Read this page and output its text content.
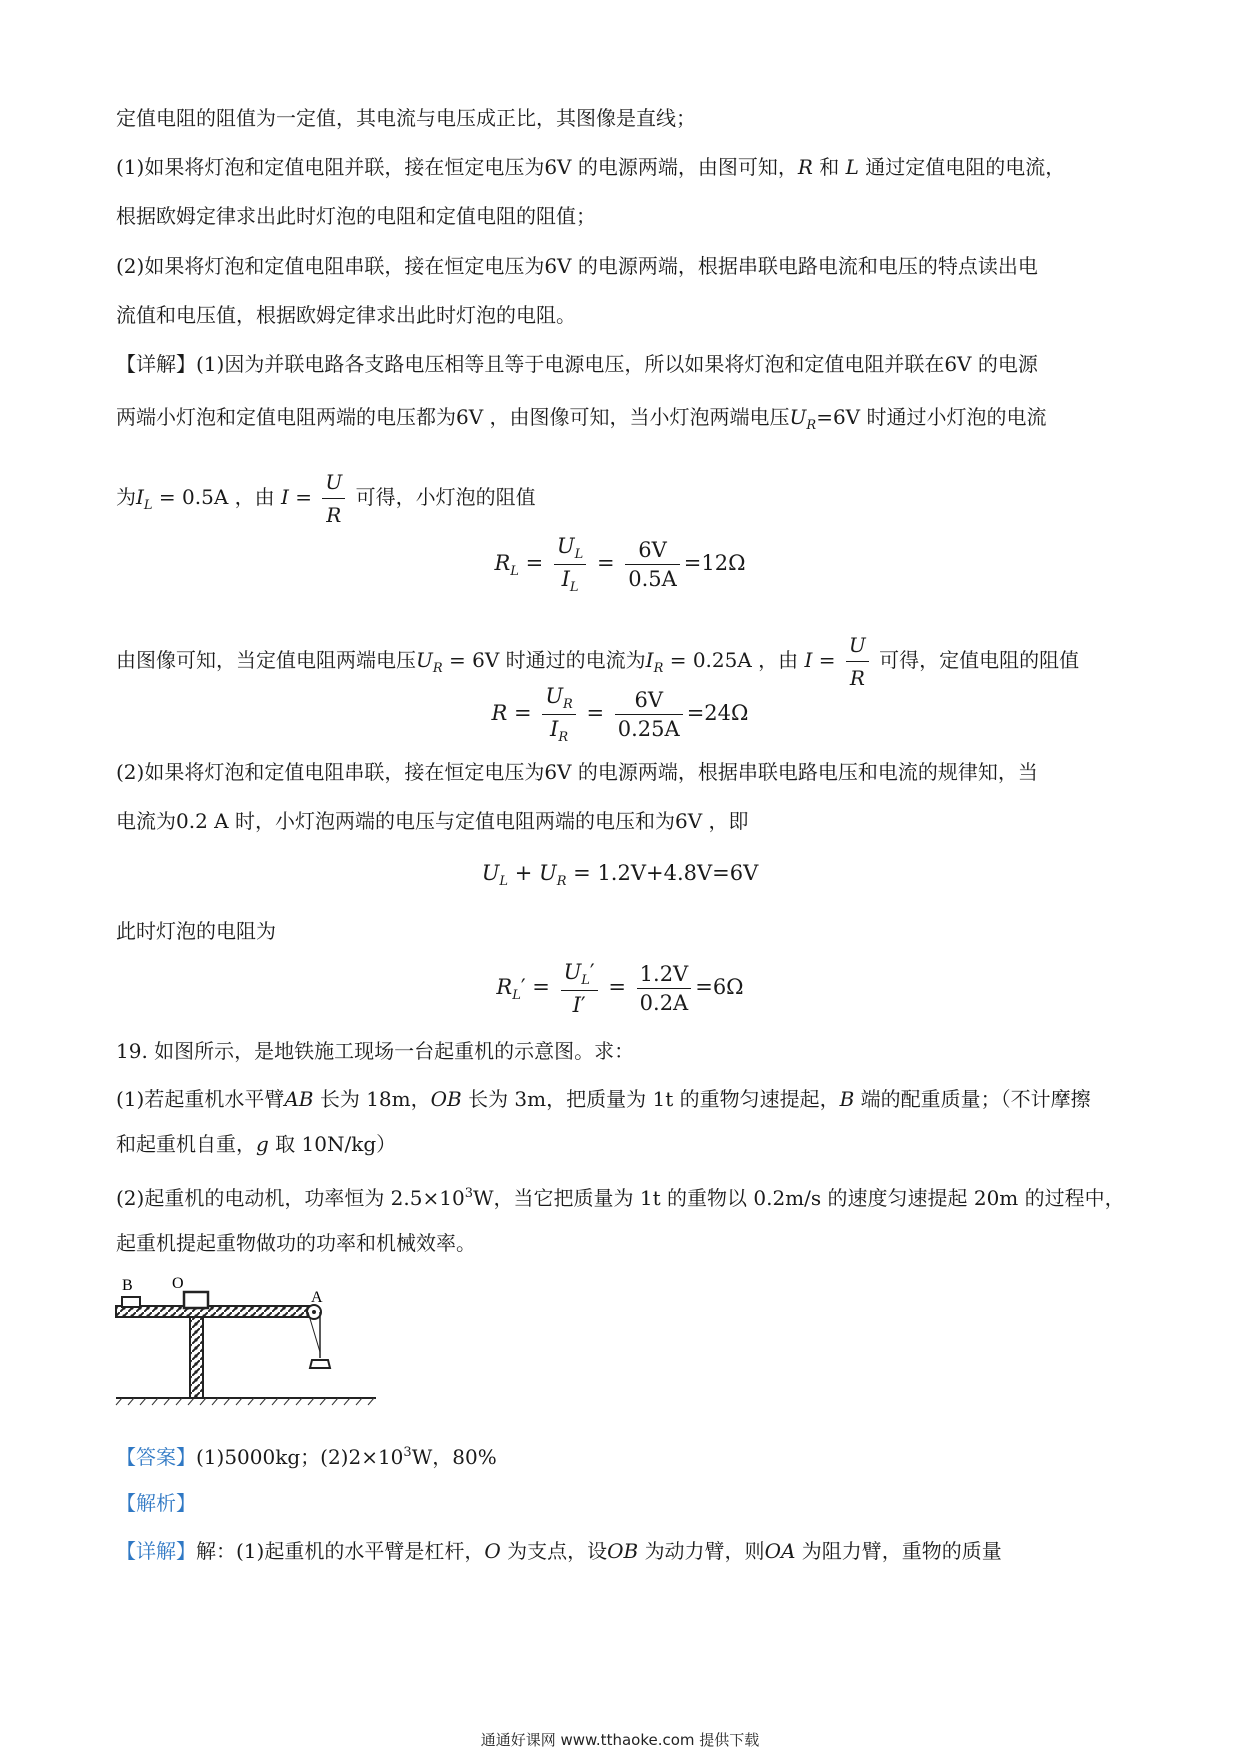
定值电阻的阻值为一定值，其电流与电压成正比，其图像是直线；
(1)如果将灯泡和定值电阻并联，接在恒定电压为6V 的电源两端，由图可知，R 和 L 通过定值电阻的电流，
根据欧姆定律求出此时灯泡的电阻和定值电阻的阻值；
(2)如果将灯泡和定值电阻串联，接在恒定电压为6V 的电源两端，根据串联电路电流和电压的特点读出电
流值和电压值，根据欧姆定律求出此时灯泡的电阻。
【详解】(1)因为并联电路各支路电压相等且等于电源电压，所以如果将灯泡和定值电阻并联在6V 的电源
两端小灯泡和定值电阻两端的电压都为6V ，由图像可知，当小灯泡两端电压$U_R=6V$ 时通过小灯泡的电流
为$I_L = 0.5A$ ，由 $I = \frac{U}{R}$ 可得，小灯泡的阻值
$R_L = \frac{U_L}{I_L} = \frac{6V}{0.5A} =12\Omega$
由图像可知，当定值电阻两端电压$U_R = 6V$ 时通过的电流为$I_R = 0.25A$ ，由 $I = \frac{U}{R}$ 可得，定值电阻的阻值
$R = \frac{U_R}{I_R} = \frac{6V}{0.25A} =24\Omega$
(2)如果将灯泡和定值电阻串联，接在恒定电压为6V 的电源两端，根据串联电路电压和电流的规律知，当
电流为0.2 A 时，小灯泡两端的电压与定值电阻两端的电压和为6V ，即
$U_L + U_R = 1.2V+4.8V=6V$
此时灯泡的电阻为
$R_L' = \frac{U_L'}{I'} = \frac{1.2V}{0.2A} =6\Omega$
19. 如图所示，是地铁施工现场一台起重机的示意图。求：
(1)若起重机水平臂AB 长为 18m，OB 长为 3m，把质量为 1t 的重物匀速提起，B 端的配重质量；（不计摩擦
和起重机自重，g 取 10N/kg）
(2)起重机的电动机，功率恒为 $2.5\times 10^3W$，当它把质量为 1t 的重物以 0.2m/s 的速度匀速提起 20m 的过程中，
起重机提起重物做功的功率和机械效率。
B O
A
【答案】(1)5000kg；$(2)2\times 10^3W$，80%
【解析】
【详解】解：(1)起重机的水平臂是杠杆，O 为支点，设OB 为动力臂，则OA 为阻力臂，重物的质量
通通好课网 www.tthaoke.com 提供下载
